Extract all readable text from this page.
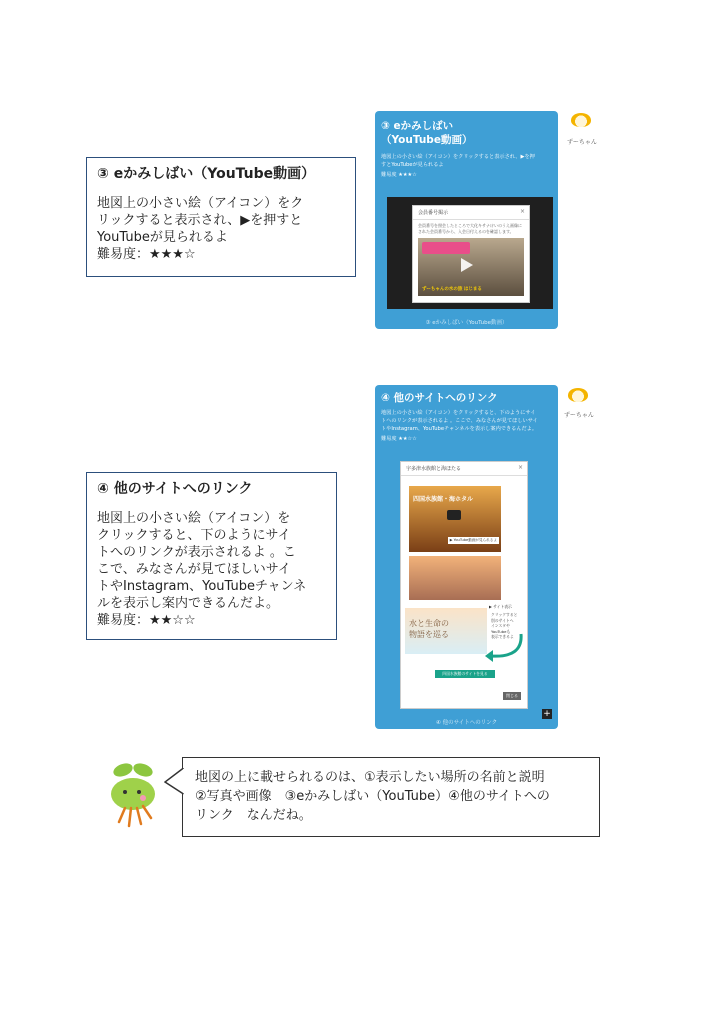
③ eかみしばい（YouTube動画）
地図上の小さい絵（アイコン）をク
リックすると表示され、▶を押すと
YouTubeが見られるよ
難易度：★★★☆
③ eかみしばい
（YouTube動画）
地図上の小さい絵（アイコン）をクリックすると表示され、▶を押
すとYouTubeが見られるよ
難易度 ★★★☆
会員番号掲示	×
会員番号を照会したところで大化キサナけいのうえ画像に
された会員番号から、入会日付えるのを確認します。
ずーちゃんの水の旅 はじまる
③ eかみしばい（YouTube動画）
ずーちゃん
④ 他のサイトへのリンク
地図上の小さい絵（アイコン）を
クリックすると、下のようにサイ
トへのリンクが表示されるよ 。こ
こで、みなさんが見てほしいサイ
トやInstagram、YouTubeチャンネ
ルを表示し案内できるんだよ。
難易度：★★☆☆
④ 他のサイトへのリンク
地図上の小さい絵（アイコン）をクリックすると、下のようにサイ
トへのリンクが表示されるよ 。ここで、みなさんが見てほしいサイ
トやInstagram、YouTubeチャンネルを表示し案内できるんだよ。
難易度 ★★☆☆
宇多津水族館と海ほたる	×
四国水族館・海ホタル
▶ YouTube動画が見られるよ
▶ サイト表示
クリックすると
別のサイトへ
インスタや
YouTubeも
表示できるよ
水と生命の
物語を巡る
四国水族館のサイトを見る
閉じる
+
④ 他のサイトへのリンク
ずーちゃん
地図の上に載せられるのは、①表示したい場所の名前と説明
②写真や画像　③eかみしばい（YouTube）④他のサイトへの
リンク　なんだね。
